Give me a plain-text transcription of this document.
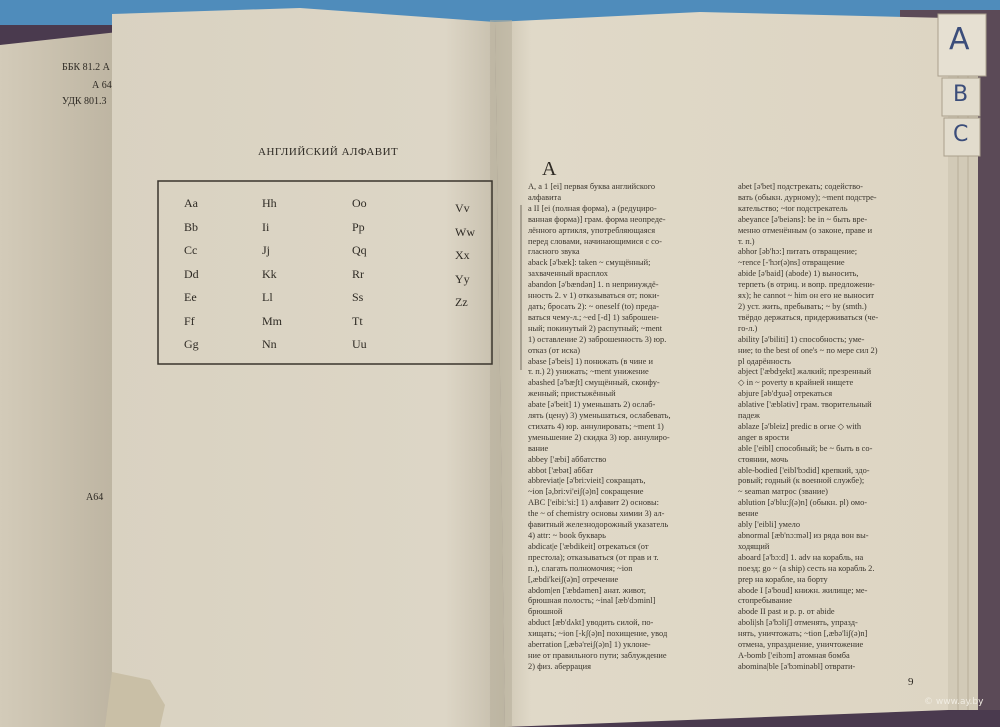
ББК 81.2 А
А 64
УДК 801.3
А64
АНГЛИЙСКИЙ АЛФАВИТ
Aa
Bb
Cc
Dd
Ee
Ff
Gg
Hh
Ii
Jj
Kk
Ll
Mm
Nn
Oo
Pp
Qq
Rr
Ss
Tt
Uu
Vv
Ww
Xx
Yy
Zz
A
A, a 1 [ei] первая буква английского
алфавита
a II [ei (полная форма), ə (редуциро-
ванная форма)] грам. форма неопреде-
лённого артикля, употребляющаяся
перед словами, начинающимися с со-
гласного звука
aback [ə'bæk]: taken ~ смущённый;
захваченный врасплох
abandon [ə'bændən] 1. n непринуждё-
нность 2. v 1) отказываться от; поки-
дать; бросать 2): ~ oneself (to) преда-
ваться чему-л.; ~ed [-d] 1) заброшен-
ный; покинутый 2) распутный; ~ment
1) оставление 2) заброшенность 3) юр.
отказ (от иска)
abase [ə'beis] 1) понижать (в чине и
т. п.) 2) унижать; ~ment унижение
abashed [ə'bæʃt] смущённый, сконфу-
женный; пристыжённый
abate [ə'beit] 1) уменьшать 2) ослаб-
лять (цену) 3) уменьшаться, ослабевать,
стихать 4) юр. аннулировать; ~ment 1)
уменьшение 2) скидка 3) юр. аннулиро-
вание
abbey ['æbi] аббатство
abbot ['æbət] аббат
abbreviat|e [ə'bri:vieit] сокращать,
~ion [ə,bri:vi'eiʃ(ə)n] сокращение
ABC ['eibi:'si:] 1) алфавит 2) основы:
the ~ of chemistry основы химии 3) ал-
фавитный железнодорожный указатель
4) attr: ~ book букварь
abdicat|e ['æbdikeit] отрекаться (от
престола); отказываться (от прав и т.
п.), слагать полномочия; ~ion
[,æbdi'keiʃ(ə)n] отречение
abdom|en ['æbdəmen] анат. живот,
брюшная полость; ~inal [æb'dɔminl]
брюшной
abduct [æb'dʌkt] уводить силой, по-
хищать; ~ion [-kʃ(ə)n] похищение, увод
aberration [,æbə'reiʃ(ə)n] 1) уклоне-
ние от правильного пути; заблуждение
2) физ. аберрация
abet [ə'bet] подстрекать; содейство-
вать (обыкн. дурному); ~ment подстре-
кательство; ~tor подстрекатель
abeyance [ə'beiəns]: be in ~ быть вре-
менно отменённым (о законе, праве и
т. п.)
abhor [əb'hɔ:] питать отвращение;
~rence [-'hɔr(ə)ns] отвращение
abide [ə'baid] (abode) 1) выносить,
терпеть (в отриц. и вопр. предложени-
ях); he cannot ~ him он его не выносит
2) уст. жить, пребывать; ~ by (smth.)
твёрдо держаться, придерживаться (че-
го-л.)
ability [ə'biliti] 1) способность; уме-
ние; to the best of one's ~ по мере сил 2)
pl одарённость
abject ['æbdʒekt] жалкий; презренный
◇ in ~ poverty в крайней нищете
abjure [əb'dʒuə] отрекаться
ablative ['æblətiv] грам. творительный
падеж
ablaze [ə'bleiz] predic в огне ◇ with
anger в ярости
able ['eibl] способный; be ~ быть в со-
стоянии, мочь
able-bodied ['eibl'bɔdid] крепкий, здо-
ровый; годный (к военной службе);
~ seaman матрос (звание)
ablution [ə'blu:ʃ(ə)n] (обыкн. pl) омо-
вение
ably ['eibli] умело
abnormal [æb'nɔ:məl] из ряда вон вы-
ходящий
aboard [ə'bɔ:d] 1. adv на корабль, на
поезд; go ~ (a ship) сесть на корабль 2.
prep на корабле, на борту
abode I [ə'boud] книжн. жилище; ме-
стопребывание
abode II past и p. p. от abide
aboli|sh [ə'bɔliʃ] отменять, упразд-
нять, уничтожать; ~tion [,æbə'liʃ(ə)n]
отмена, упразднение, уничтожение
A-bomb ['eibɔm] атомная бомба
abomina|ble [ə'bɔminəbl] отврати-
9
A
B
C
© www.ay.by
